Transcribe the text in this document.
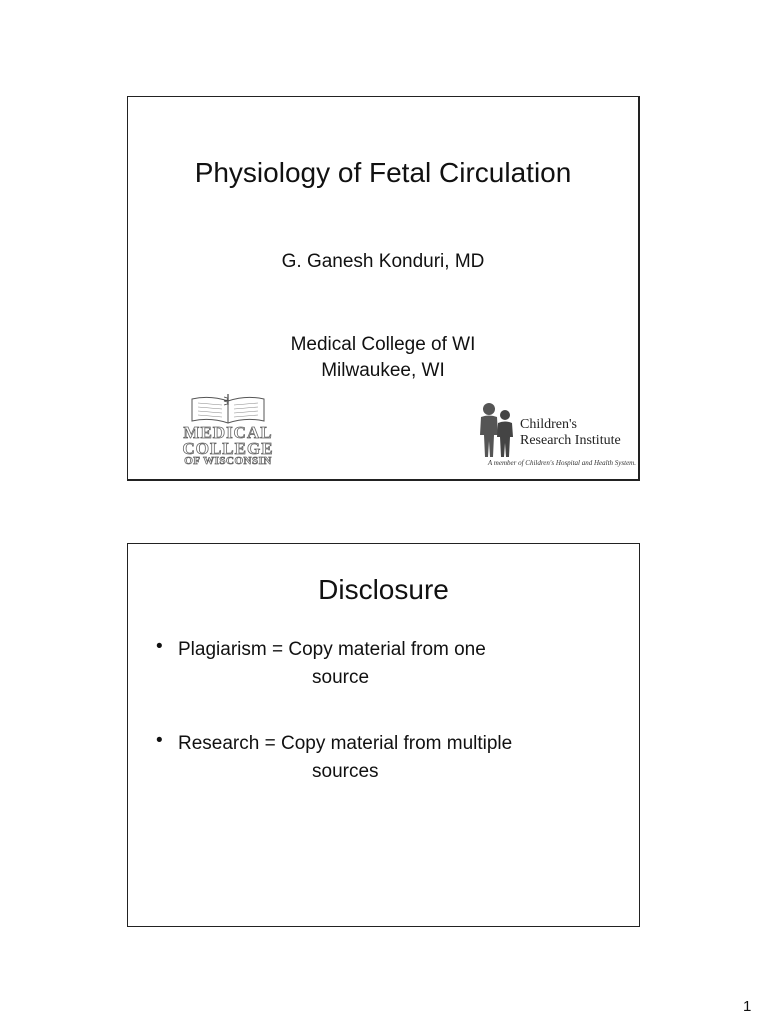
Physiology of Fetal Circulation
G. Ganesh Konduri, MD
Medical College of WI
Milwaukee, WI
MEDICAL
COLLEGE
OF WISCONSIN
Children's
Research Institute
A member of Children's Hospital and Health System.
Disclosure
• Plagiarism = Copy material from one
source
• Research = Copy material from multiple
sources
1
